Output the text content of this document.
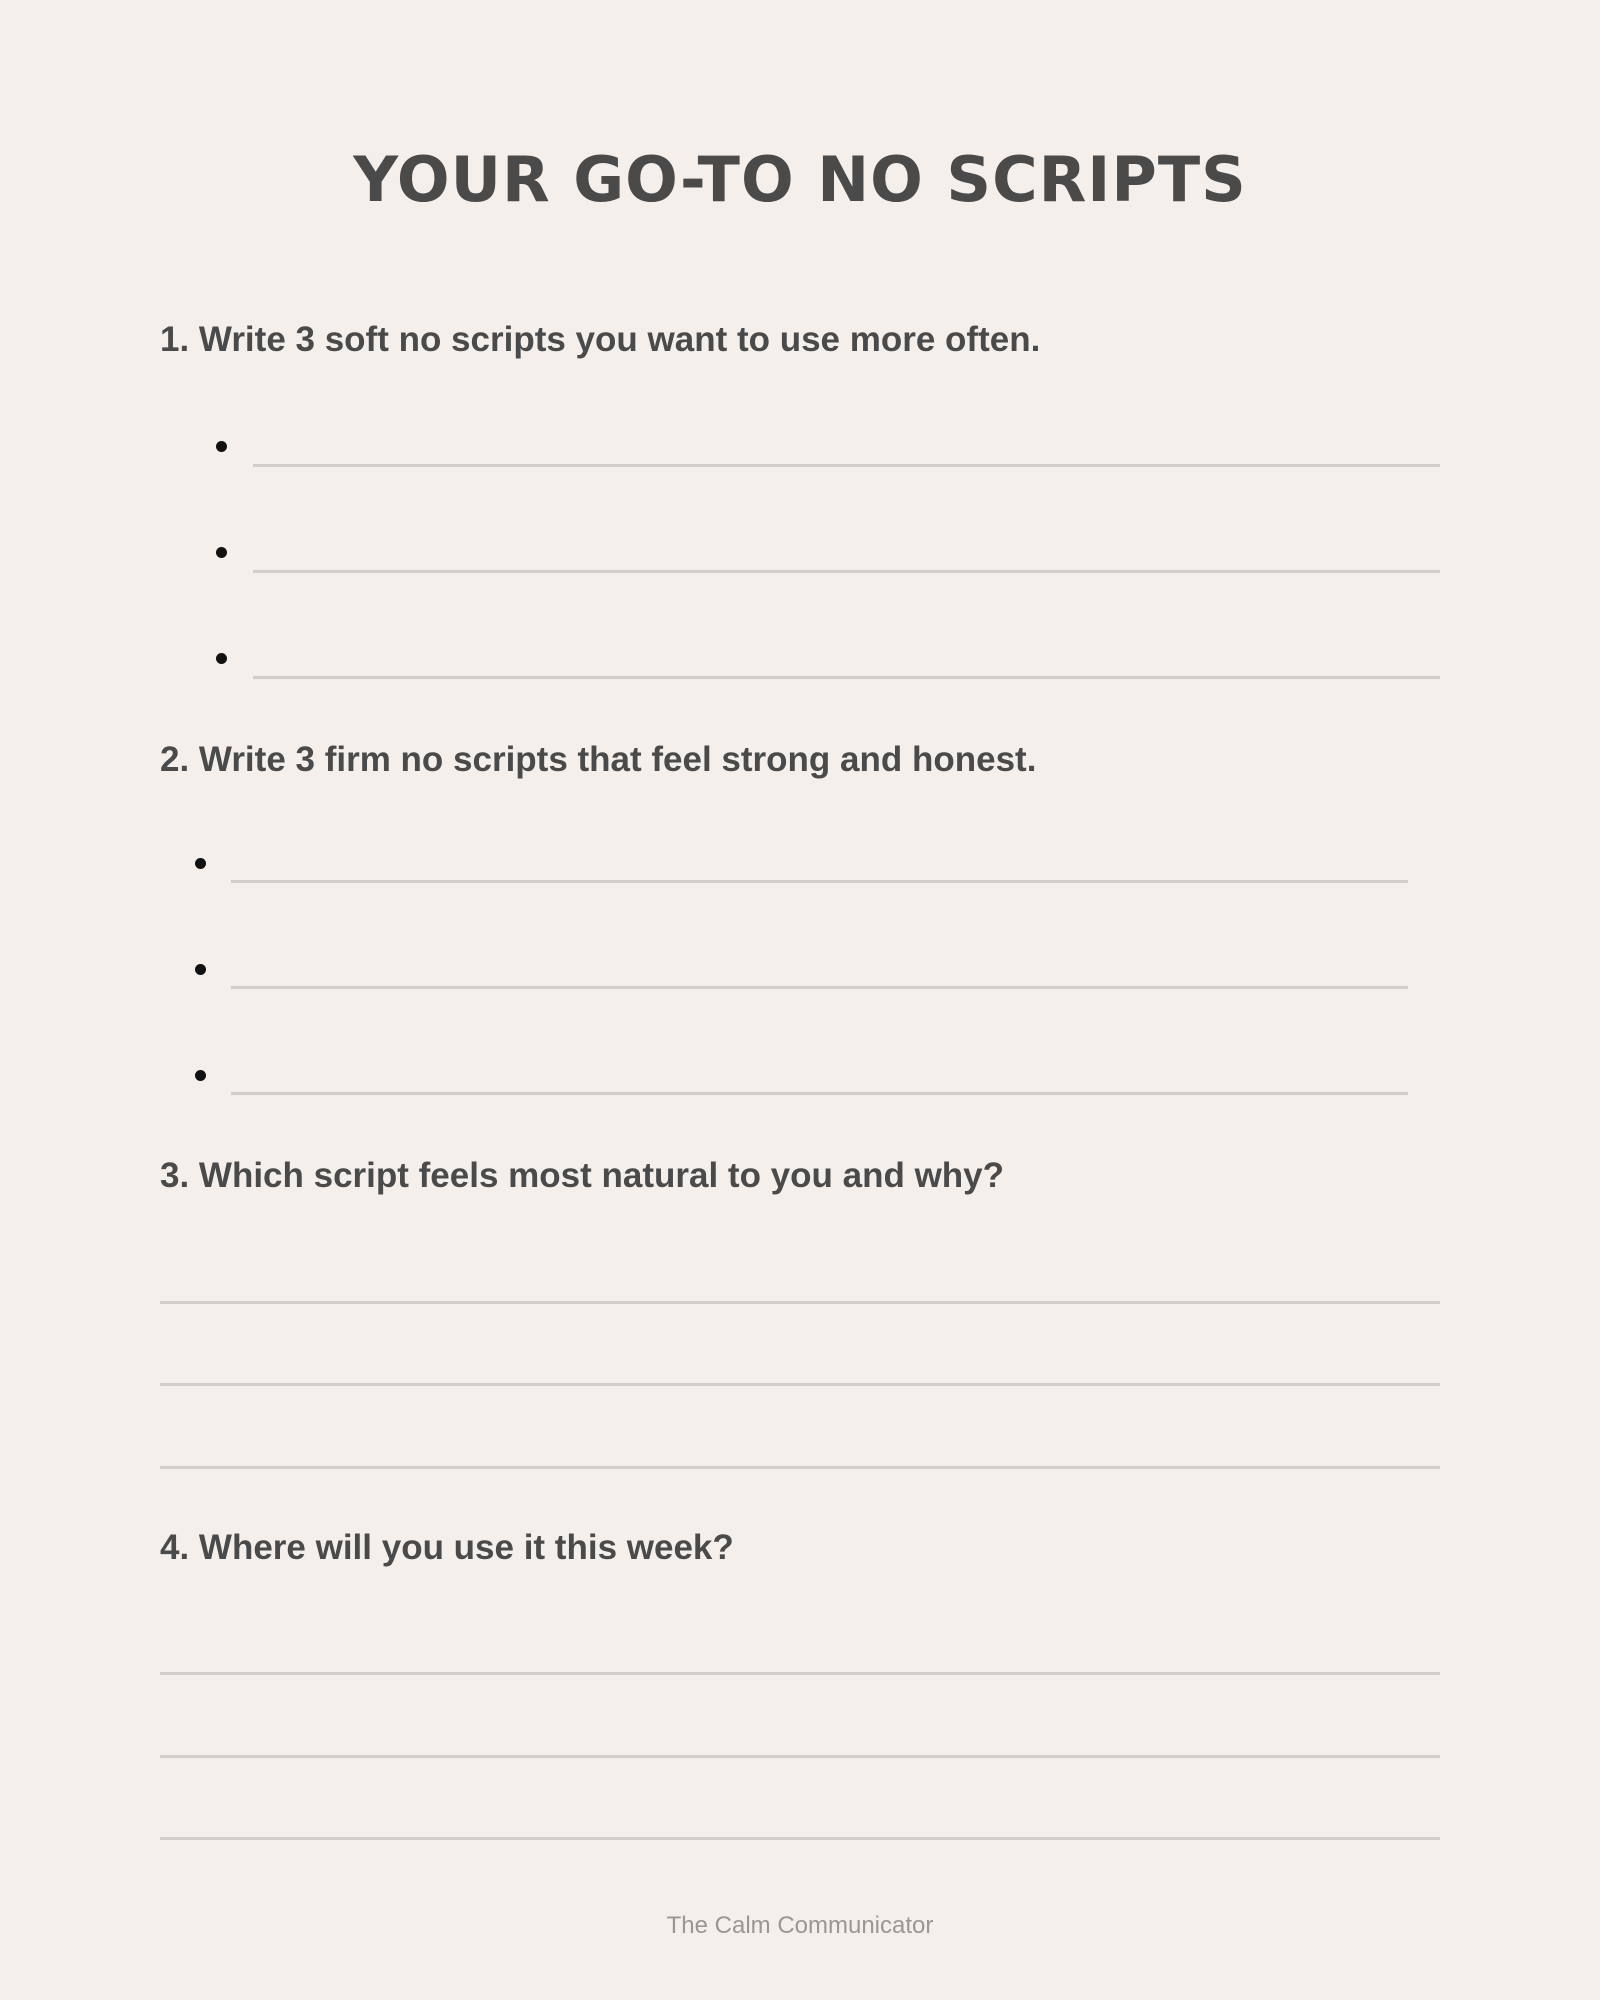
YOUR GO-TO NO SCRIPTS

1. Write 3 soft no scripts you want to use more often.

2. Write 3 firm no scripts that feel strong and honest.

3. Which script feels most natural to you and why?

4. Where will you use it this week?

The Calm Communicator
